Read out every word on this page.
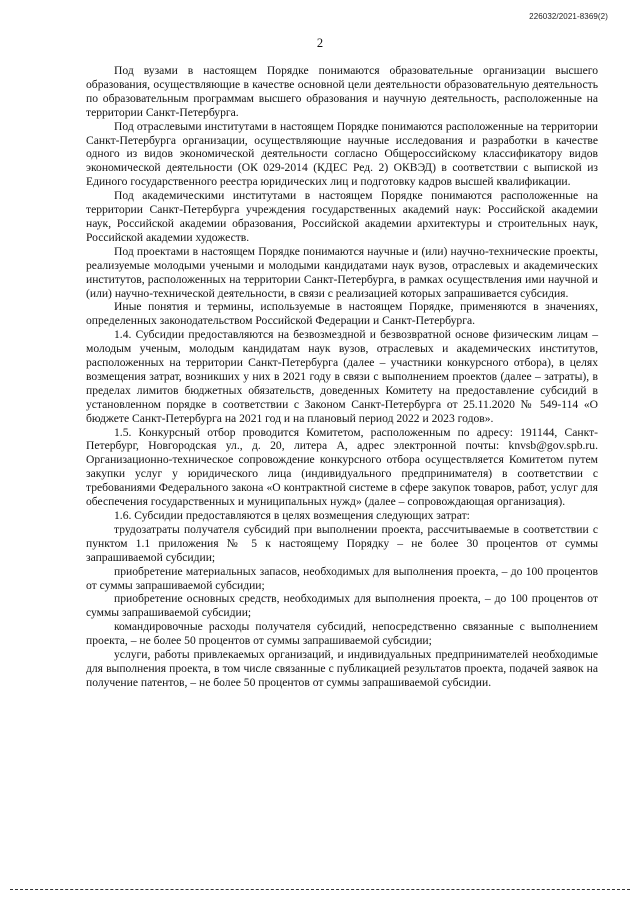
226032/2021-8369(2)
2

Под вузами в настоящем Порядке понимаются образовательные организации высшего образования, осуществляющие в качестве основной цели деятельности образовательную деятельность по образовательным программам высшего образования и научную деятельность, расположенные на территории Санкт-Петербурга.

Под отраслевыми институтами в настоящем Порядке понимаются расположенные на территории Санкт-Петербурга организации, осуществляющие научные исследования и разработки в качестве одного из видов экономической деятельности согласно Общероссийскому классификатору видов экономической деятельности (ОК 029-2014 (КДЕС Ред. 2) ОКВЭД) в соответствии с выпиской из Единого государственного реестра юридических лиц и подготовку кадров высшей квалификации.

Под академическими институтами в настоящем Порядке понимаются расположенные на территории Санкт-Петербурга учреждения государственных академий наук: Российской академии наук, Российской академии образования, Российской академии архитектуры и строительных наук, Российской академии художеств.

Под проектами в настоящем Порядке понимаются научные и (или) научно-технические проекты, реализуемые молодыми учеными и молодыми кандидатами наук вузов, отраслевых и академических институтов, расположенных на территории Санкт-Петербурга, в рамках осуществления ими научной и (или) научно-технической деятельности, в связи с реализацией которых запрашивается субсидия.

Иные понятия и термины, используемые в настоящем Порядке, применяются в значениях, определенных законодательством Российской Федерации и Санкт-Петербурга.

1.4. Субсидии предоставляются на безвозмездной и безвозвратной основе физическим лицам – молодым ученым, молодым кандидатам наук вузов, отраслевых и академических институтов, расположенных на территории Санкт-Петербурга (далее – участники конкурсного отбора), в целях возмещения затрат, возникших у них в 2021 году в связи с выполнением проектов (далее – затраты), в пределах лимитов бюджетных обязательств, доведенных Комитету на предоставление субсидий в установленном порядке в соответствии с Законом Санкт-Петербурга от 25.11.2020 № 549-114 «О бюджете Санкт-Петербурга на 2021 год и на плановый период 2022 и 2023 годов».

1.5. Конкурсный отбор проводится Комитетом, расположенным по адресу: 191144, Санкт-Петербург, Новгородская ул., д. 20, литера А, адрес электронной почты: knvsb@gov.spb.ru. Организационно-техническое сопровождение конкурсного отбора осуществляется Комитетом путем закупки услуг у юридического лица (индивидуального предпринимателя) в соответствии с требованиями Федерального закона «О контрактной системе в сфере закупок товаров, работ, услуг для обеспечения государственных и муниципальных нужд» (далее – сопровождающая организация).

1.6. Субсидии предоставляются в целях возмещения следующих затрат:

трудозатраты получателя субсидий при выполнении проекта, рассчитываемые в соответствии с пунктом 1.1 приложения № 5 к настоящему Порядку – не более 30 процентов от суммы запрашиваемой субсидии;

приобретение материальных запасов, необходимых для выполнения проекта, – до 100 процентов от суммы запрашиваемой субсидии;

приобретение основных средств, необходимых для выполнения проекта, – до 100 процентов от суммы запрашиваемой субсидии;

командировочные расходы получателя субсидий, непосредственно связанные с выполнением проекта, – не более 50 процентов от суммы запрашиваемой субсидии;

услуги, работы привлекаемых организаций, и индивидуальных предпринимателей необходимые для выполнения проекта, в том числе связанные с публикацией результатов проекта, подачей заявок на получение патентов, – не более 50 процентов от суммы запрашиваемой субсидии.
